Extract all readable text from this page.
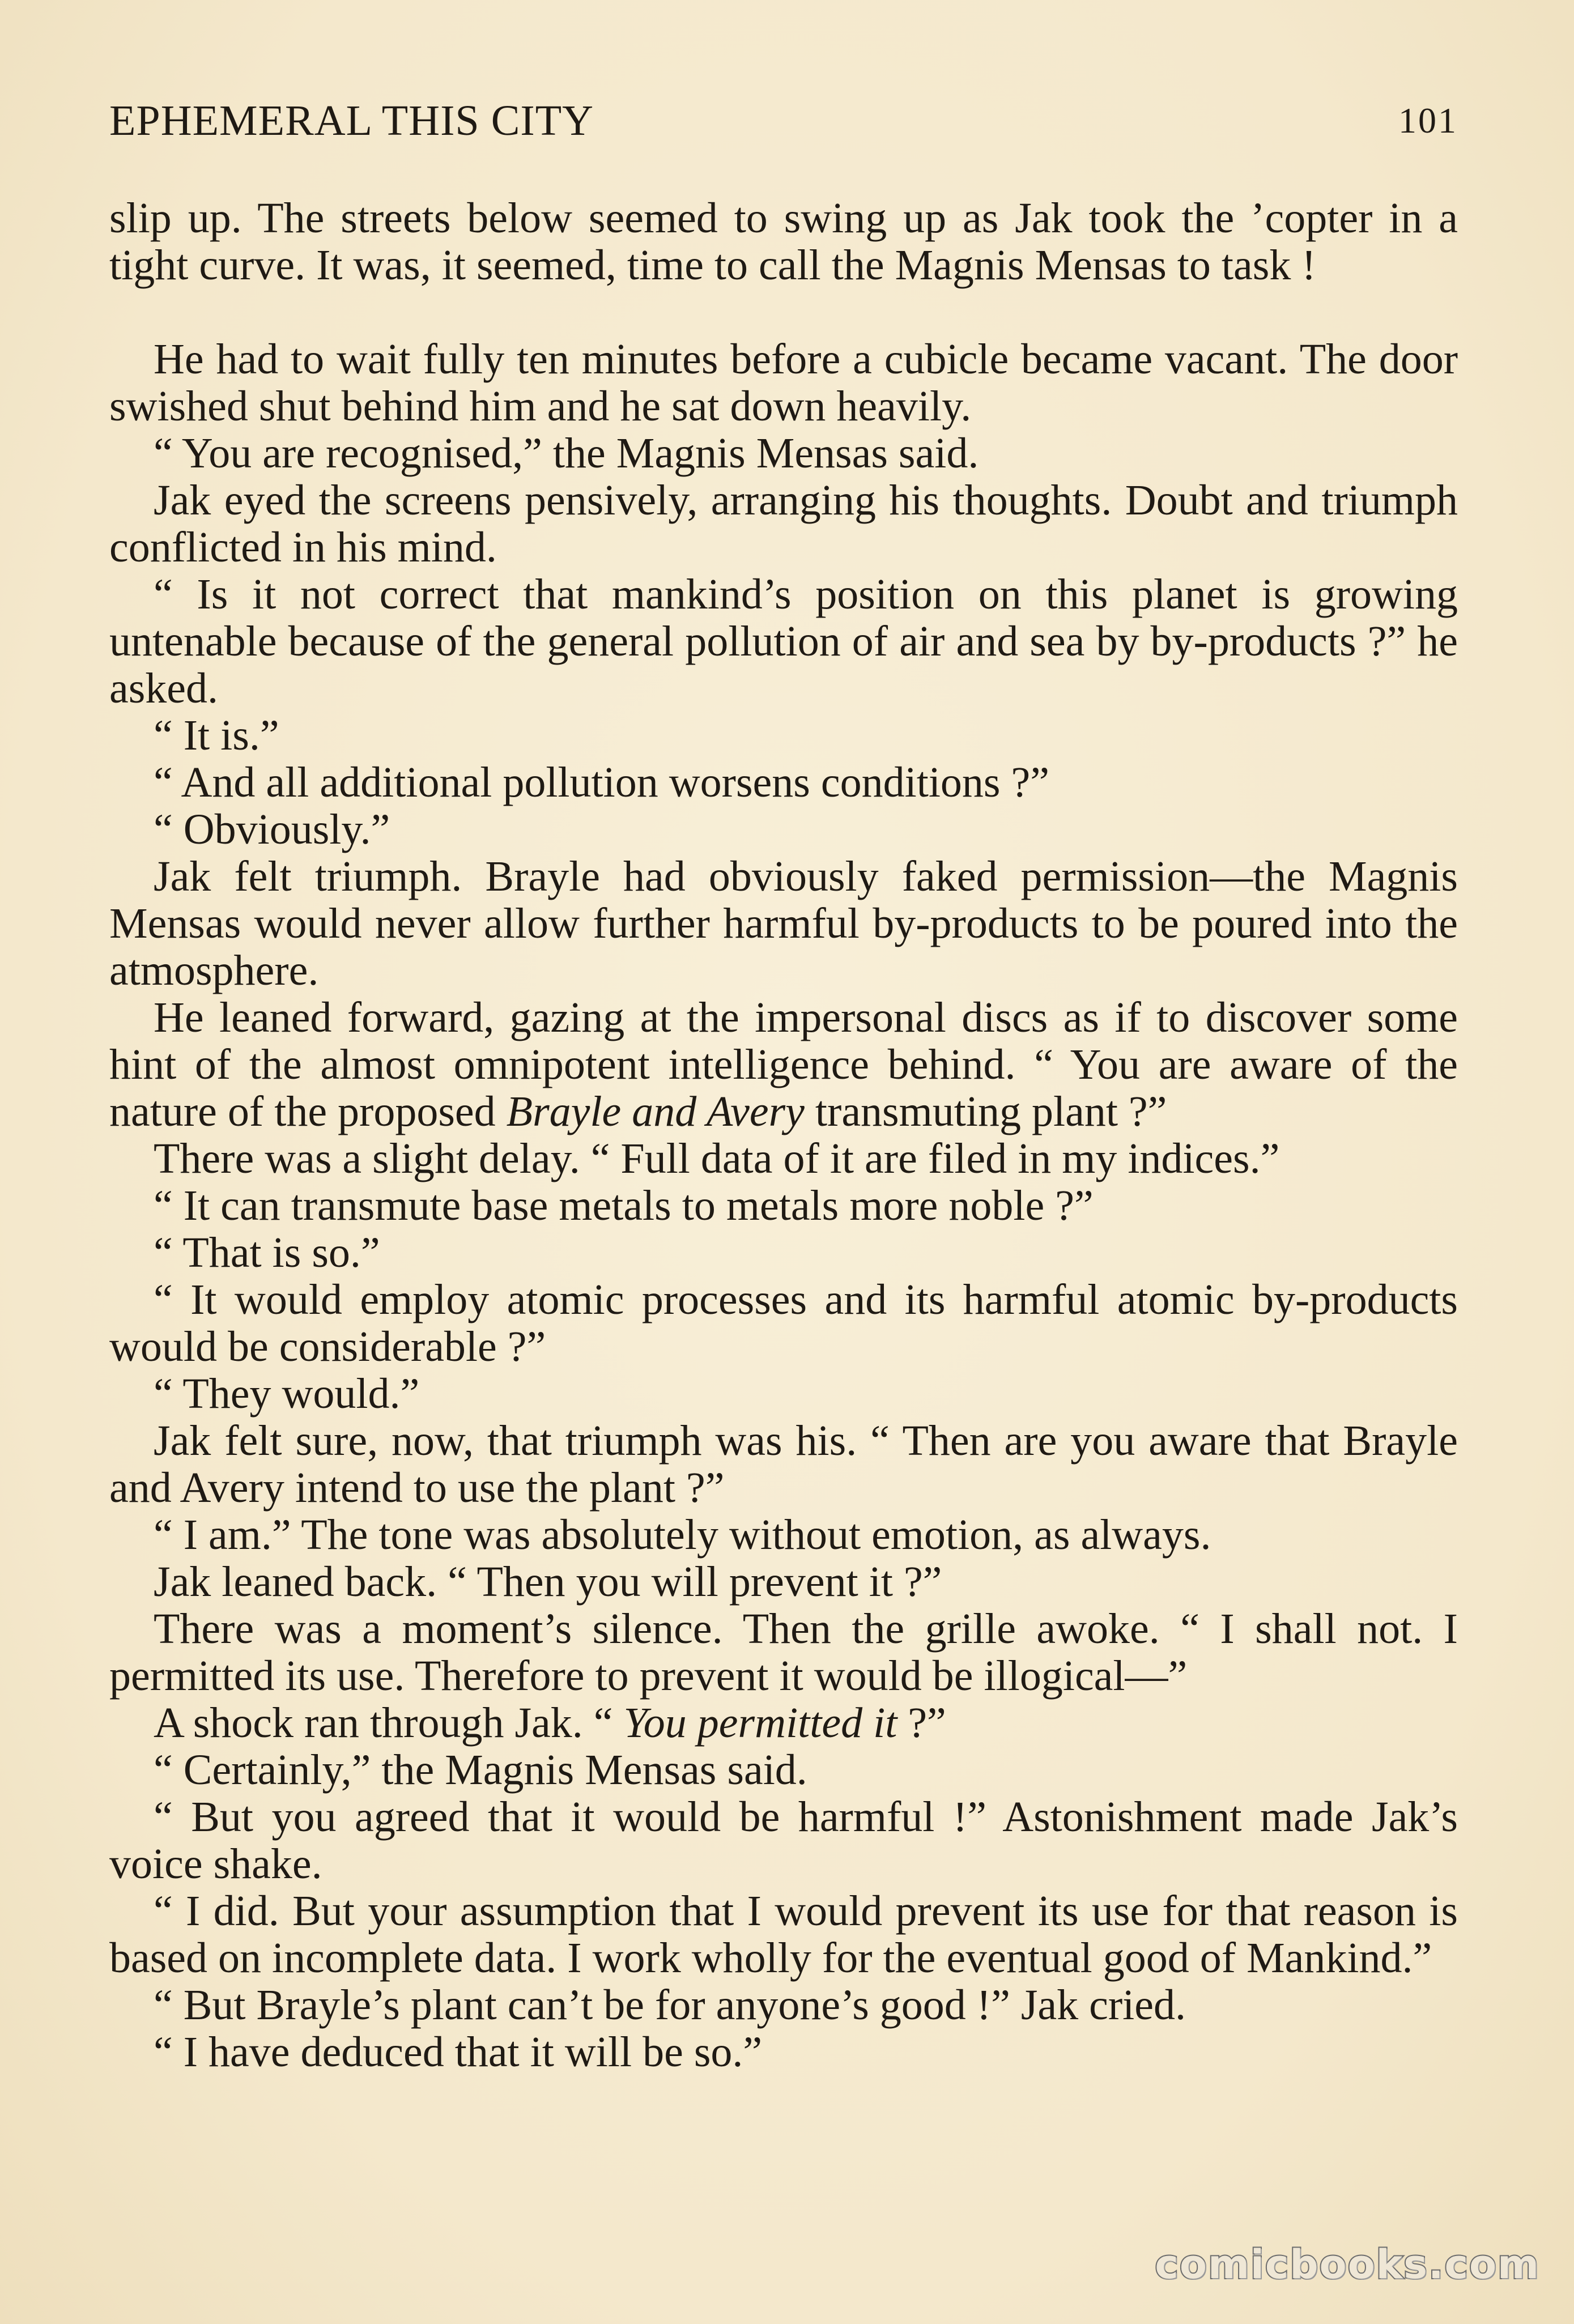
EPHEMERAL THIS CITY	101

slip up. The streets below seemed to swing up as Jak took the ’copter in a tight curve. It was, it seemed, time to call the Magnis Mensas to task !

He had to wait fully ten minutes before a cubicle became vacant. The door swished shut behind him and he sat down heavily.

“ You are recognised,” the Magnis Mensas said.

Jak eyed the screens pensively, arranging his thoughts. Doubt and triumph conflicted in his mind.

“ Is it not correct that mankind’s position on this planet is growing untenable because of the general pollution of air and sea by by-products ?” he asked.

“ It is.”

“ And all additional pollution worsens conditions ?”

“ Obviously.”

Jak felt triumph. Brayle had obviously faked permission—the Magnis Mensas would never allow further harmful by-products to be poured into the atmosphere.

He leaned forward, gazing at the impersonal discs as if to discover some hint of the almost omnipotent intelligence behind. “ You are aware of the nature of the proposed Brayle and Avery transmuting plant ?”

There was a slight delay. “ Full data of it are filed in my indices.”

“ It can transmute base metals to metals more noble ?”

“ That is so.”

“ It would employ atomic processes and its harmful atomic by-products would be considerable ?”

“ They would.”

Jak felt sure, now, that triumph was his. “ Then are you aware that Brayle and Avery intend to use the plant ?”

“ I am.” The tone was absolutely without emotion, as always.

Jak leaned back. “ Then you will prevent it ?”

There was a moment’s silence. Then the grille awoke. “ I shall not. I permitted its use. Therefore to prevent it would be illogical—”

A shock ran through Jak. “ You permitted it ?”

“ Certainly,” the Magnis Mensas said.

“ But you agreed that it would be harmful !” Astonishment made Jak’s voice shake.

“ I did. But your assumption that I would prevent its use for that reason is based on incomplete data. I work wholly for the eventual good of Mankind.”

“ But Brayle’s plant can’t be for anyone’s good !” Jak cried.

“ I have deduced that it will be so.”

comicbooks.com
